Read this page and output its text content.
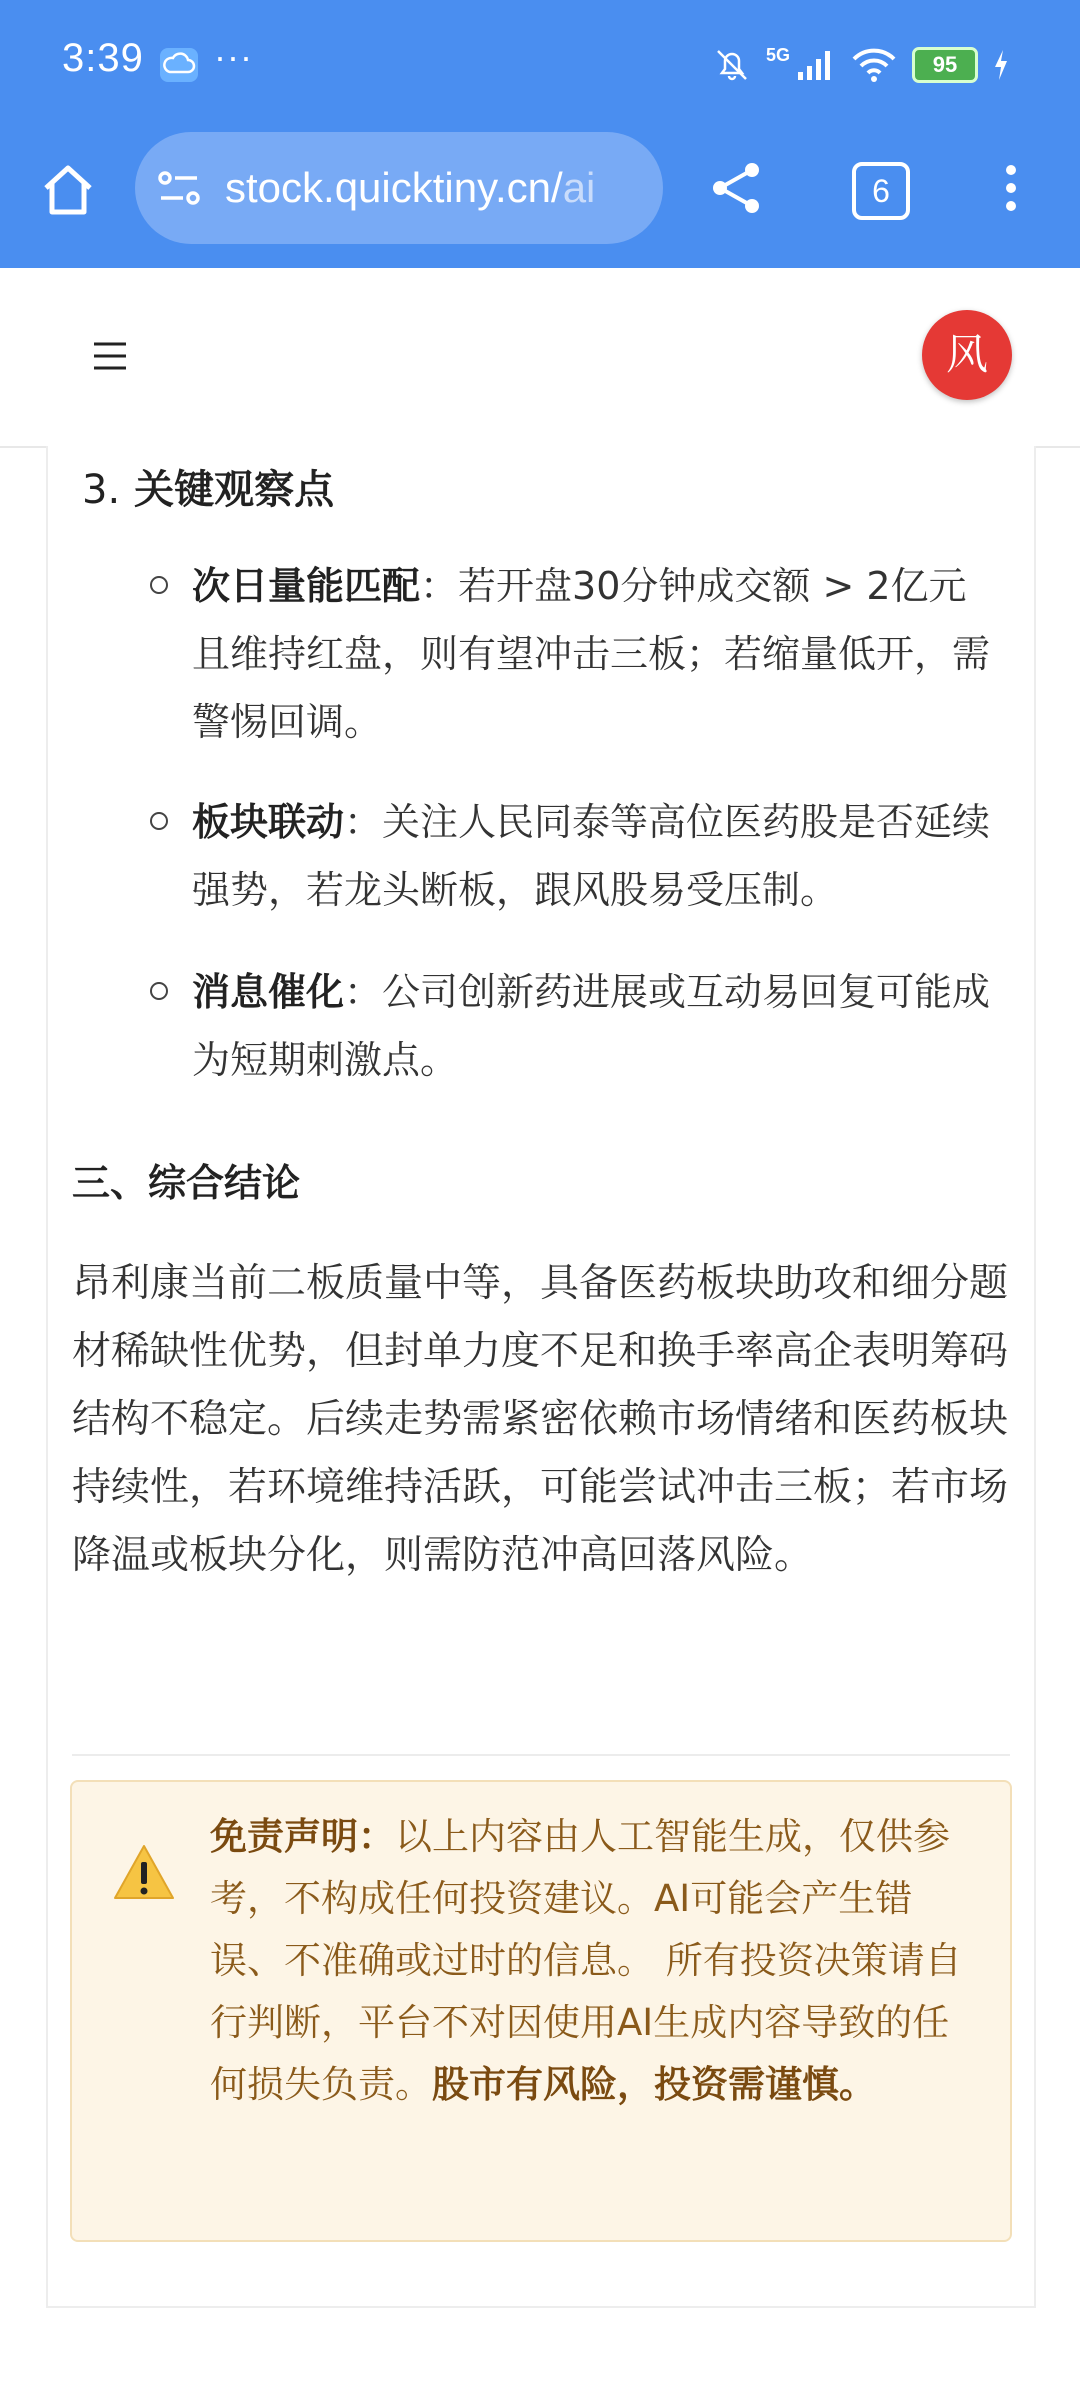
3:39 ···	5G	95
stock.quicktiny.cn/ai	6
风
3. 关键观察点
次日量能匹配：若开盘30分钟成交额 > 2亿元且维持红盘，则有望冲击三板；若缩量低开，需警惕回调。
板块联动：关注人民同泰等高位医药股是否延续强势，若龙头断板，跟风股易受压制。
消息催化：公司创新药进展或互动易回复可能成为短期刺激点。
三、综合结论
昂利康当前二板质量中等，具备医药板块助攻和细分题材稀缺性优势，但封单力度不足和换手率高企表明筹码结构不稳定。后续走势需紧密依赖市场情绪和医药板块持续性，若环境维持活跃，可能尝试冲击三板；若市场降温或板块分化，则需防范冲高回落风险。
免责声明：以上内容由人工智能生成，仅供参考，不构成任何投资建议。AI可能会产生错误、不准确或过时的信息。 所有投资决策请自行判断，平台不对因使用AI生成内容导致的任何损失负责。股市有风险，投资需谨慎。
